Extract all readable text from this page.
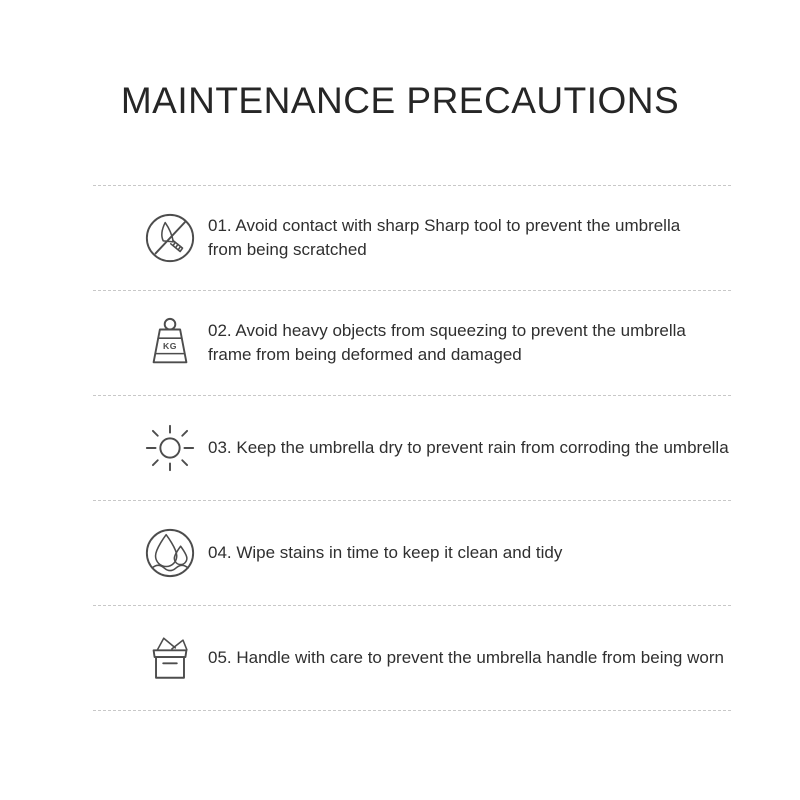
MAINTENANCE PRECAUTIONS
01. Avoid contact with sharp Sharp tool to prevent the umbrella
from being scratched
KG
02. Avoid heavy objects from squeezing to prevent the umbrella
frame from being deformed and damaged
03. Keep the umbrella dry to prevent rain from corroding the umbrella
04. Wipe stains in time to keep it clean and tidy
05. Handle with care to prevent the umbrella handle from being worn
